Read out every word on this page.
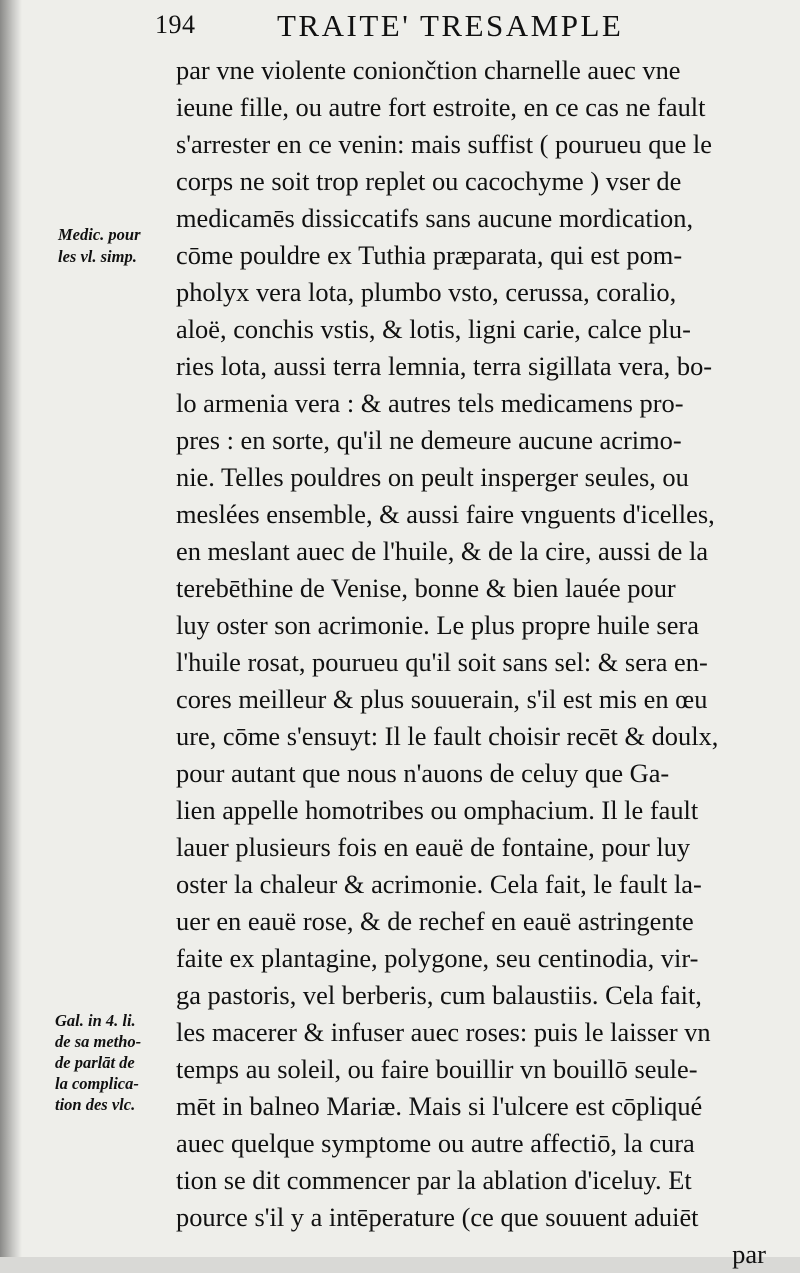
194	TRAITE' TRESAMPLE
Medic. pour
les vl. simp.
Gal. in 4. li.
de sa metho-
de parlāt de
la complica-
tion des vlc.
par vne violente coniončtion charnelle auec vne
ieune fille, ou autre fort estroite, en ce cas ne fault
s'arrester en ce venin: mais suffist ( pourueu que le
corps ne soit trop replet ou cacochyme ) vser de
medicamēs dissiccatifs sans aucune mordication,
cōme pouldre ex Tuthia præparata, qui est pom-
pholyx vera lota, plumbo vsto, cerussa, coralio,
aloë, conchis vstis, & lotis, ligni carie, calce plu-
ries lota, aussi terra lemnia, terra sigillata vera, bo-
lo armenia vera : & autres tels medicamens pro-
pres : en sorte, qu'il ne demeure aucune acrimo-
nie. Telles pouldres on peult insperger seules, ou
meslées ensemble, & aussi faire vnguents d'icelles,
en meslant auec de l'huile, & de la cire, aussi de la
terebēthine de Venise, bonne & bien lauée pour
luy oster son acrimonie. Le plus propre huile sera
l'huile rosat, pourueu qu'il soit sans sel: & sera en-
cores meilleur & plus souuerain, s'il est mis en œu
ure, cōme s'ensuyt: Il le fault choisir recēt & doulx,
pour autant que nous n'auons de celuy que Ga-
lien appelle homotribes ou omphacium. Il le fault
lauer plusieurs fois en eauë de fontaine, pour luy
oster la chaleur & acrimonie. Cela fait, le fault la-
uer en eauë rose, & de rechef en eauë astringente
faite ex plantagine, polygone, seu centinodia, vir-
ga pastoris, vel berberis, cum balaustiis. Cela fait,
les macerer & infuser auec roses: puis le laisser vn
temps au soleil, ou faire bouillir vn bouillō seule-
mēt in balneo Mariæ. Mais si l'ulcere est cōpliqué
auec quelque symptome ou autre affectiō, la cura
tion se dit commencer par la ablation d'iceluy. Et
pource s'il y a intēperature (ce que souuent aduiēt
par
